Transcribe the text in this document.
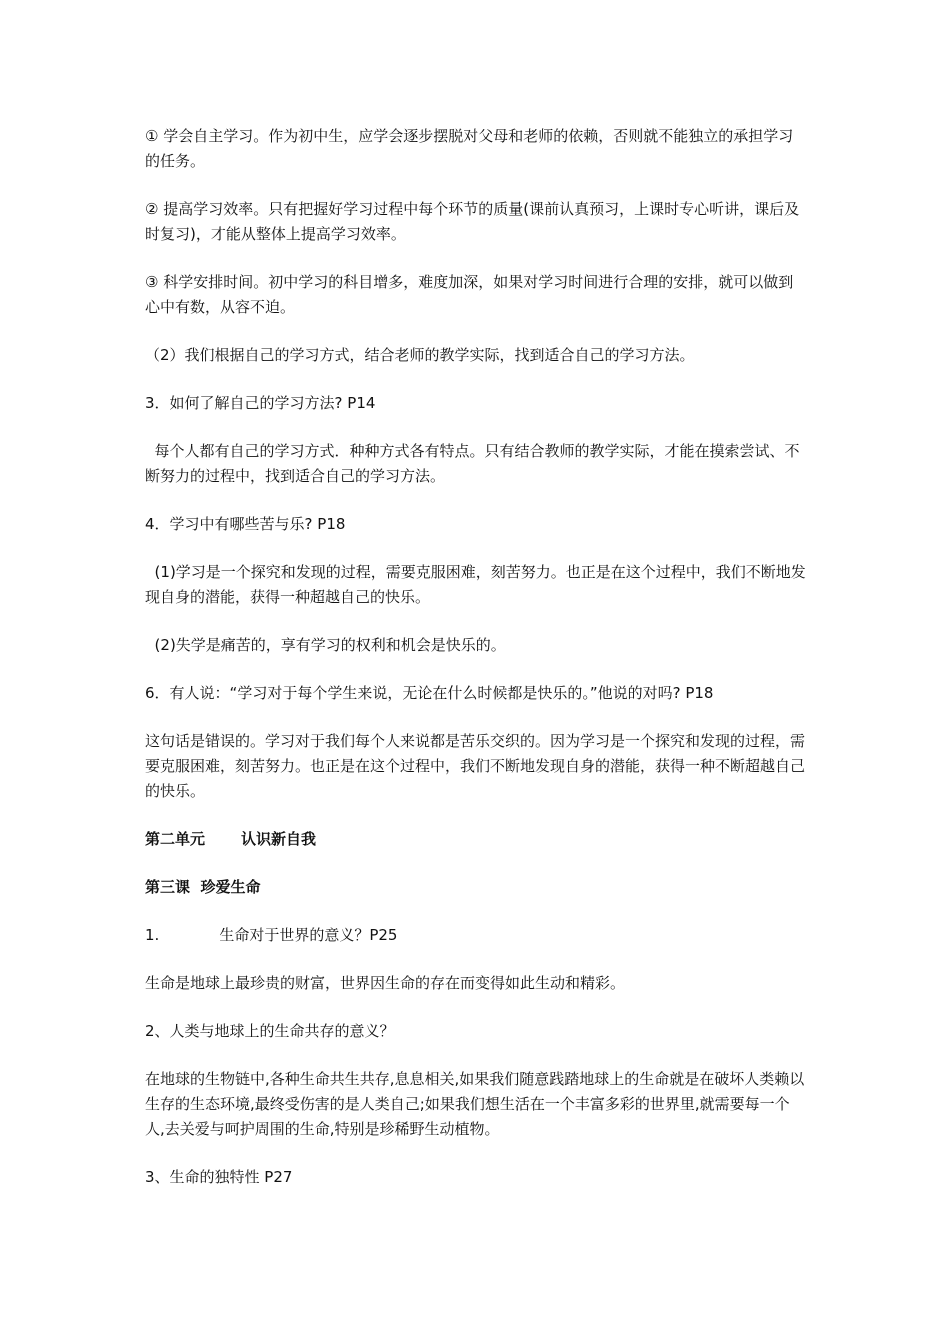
① 学会自主学习。作为初中生，应学会逐步摆脱对父母和老师的依赖，否则就不能独立的承担学习的任务。

② 提高学习效率。只有把握好学习过程中每个环节的质量(课前认真预习，上课时专心听讲，课后及时复习)，才能从整体上提高学习效率。

③ 科学安排时间。初中学习的科目增多，难度加深，如果对学习时间进行合理的安排，就可以做到心中有数，从容不迫。

（2）我们根据自己的学习方式，结合老师的教学实际，找到适合自己的学习方法。

3．如何了解自己的学习方法? P14

每个人都有自己的学习方式．种种方式各有特点。只有结合教师的教学实际，才能在摸索尝试、不断努力的过程中，找到适合自己的学习方法。

4．学习中有哪些苦与乐? P18

(1)学习是一个探究和发现的过程，需要克服困难，刻苦努力。也正是在这个过程中，我们不断地发现自身的潜能，获得一种超越自己的快乐。

(2)失学是痛苦的，享有学习的权利和机会是快乐的。

6．有人说：“学习对于每个学生来说，无论在什么时候都是快乐的。”他说的对吗? P18

这句话是错误的。学习对于我们每个人来说都是苦乐交织的。因为学习是一个探究和发现的过程，需要克服困难，刻苦努力。也正是在这个过程中，我们不断地发现自身的潜能，获得一种不断超越自己的快乐。

第二单元 认识新自我

第三课  珍爱生命

1.	生命对于世界的意义？P25

生命是地球上最珍贵的财富，世界因生命的存在而变得如此生动和精彩。

2、人类与地球上的生命共存的意义？

在地球的生物链中,各种生命共生共存,息息相关,如果我们随意践踏地球上的生命就是在破坏人类赖以生存的生态环境,最终受伤害的是人类自己;如果我们想生活在一个丰富多彩的世界里,就需要每一个人,去关爱与呵护周围的生命,特别是珍稀野生动植物。

3、生命的独特性 P27
